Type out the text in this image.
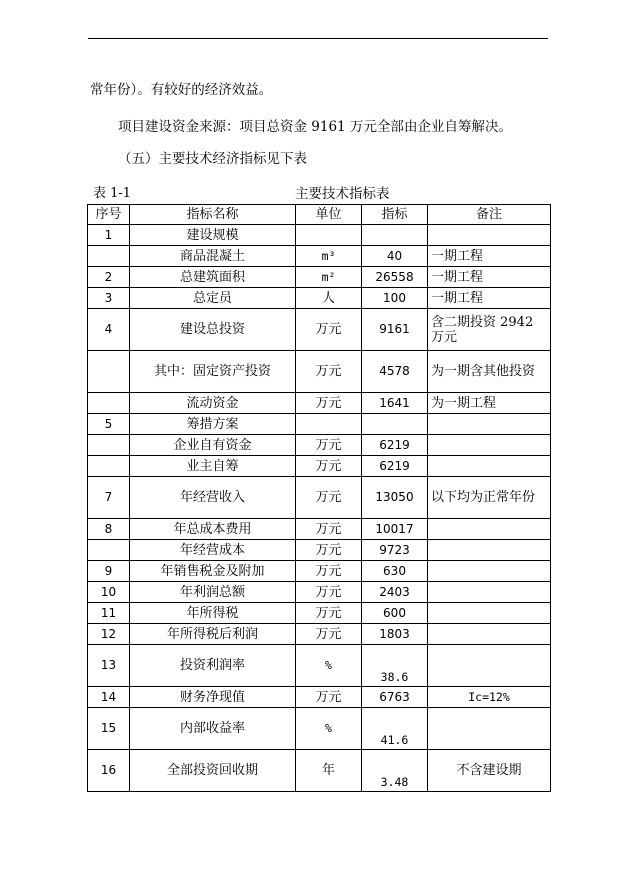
常年份）。有较好的经济效益。
项目建设资金来源：项目总资金 9161 万元全部由企业自筹解决。
（五）主要技术经济指标见下表
表 1-1	主要技术指标表
序号	指标名称	单位	指标	备注
1	建设规模			
	商品混凝土	m³	40	一期工程
2	总建筑面积	m²	26558	一期工程
3	总定员	人	100	一期工程
4	建设总投资	万元	9161	含二期投资 2942 万元
	其中：固定资产投资	万元	4578	为一期含其他投资
	流动资金	万元	1641	为一期工程
5	筹措方案			
	企业自有资金	万元	6219	
	业主自筹	万元	6219	
7	年经营收入	万元	13050	以下均为正常年份
8	年总成本费用	万元	10017	
	年经营成本	万元	9723	
9	年销售税金及附加	万元	630	
10	年利润总额	万元	2403	
11	年所得税	万元	600	
12	年所得税后利润	万元	1803	
13	投资利润率	%	38.6	
14	财务净现值	万元	6763	Ic=12%
15	内部收益率	%	41.6	
16	全部投资回收期	年	3.48	不含建设期
